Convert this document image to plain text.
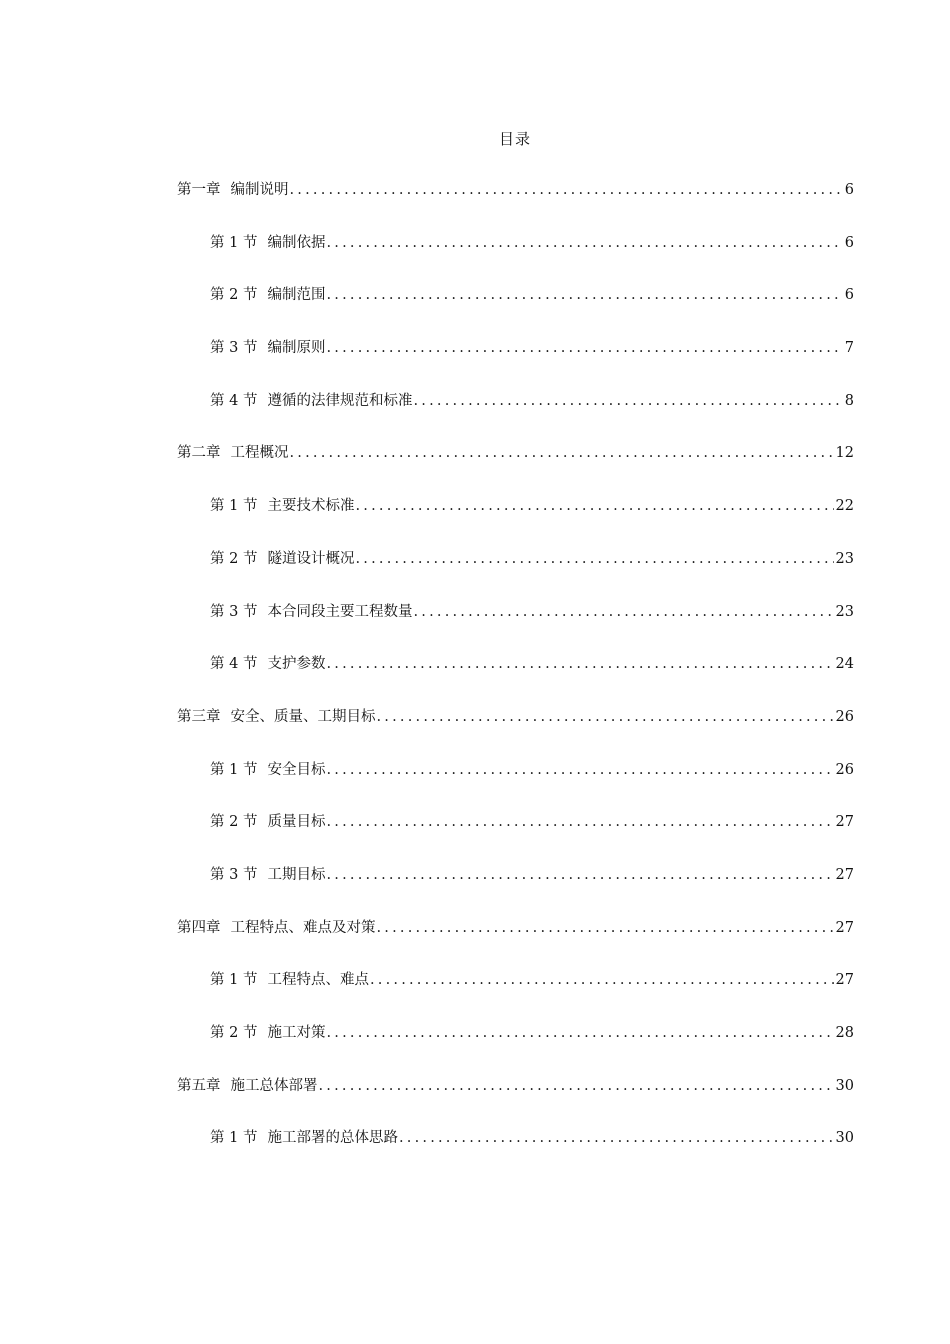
目录
第一章 编制说明 .....	6
第 1 节 编制依据 .....	6
第 2 节 编制范围 .....	6
第 3 节 编制原则 .....	7
第 4 节 遵循的法律规范和标准 .....	8
第二章 工程概况 .....	12
第 1 节 主要技术标准 .....	22
第 2 节 隧道设计概况 .....	23
第 3 节 本合同段主要工程数量 .....	23
第 4 节 支护参数 .....	24
第三章 安全、质量、工期目标 .....	26
第 1 节 安全目标 .....	26
第 2 节 质量目标 .....	27
第 3 节 工期目标 .....	27
第四章 工程特点、难点及对策 .....	27
第 1 节 工程特点、难点 .....	27
第 2 节 施工对策 .....	28
第五章 施工总体部署 .....	30
第 1 节 施工部署的总体思路 .....	30
